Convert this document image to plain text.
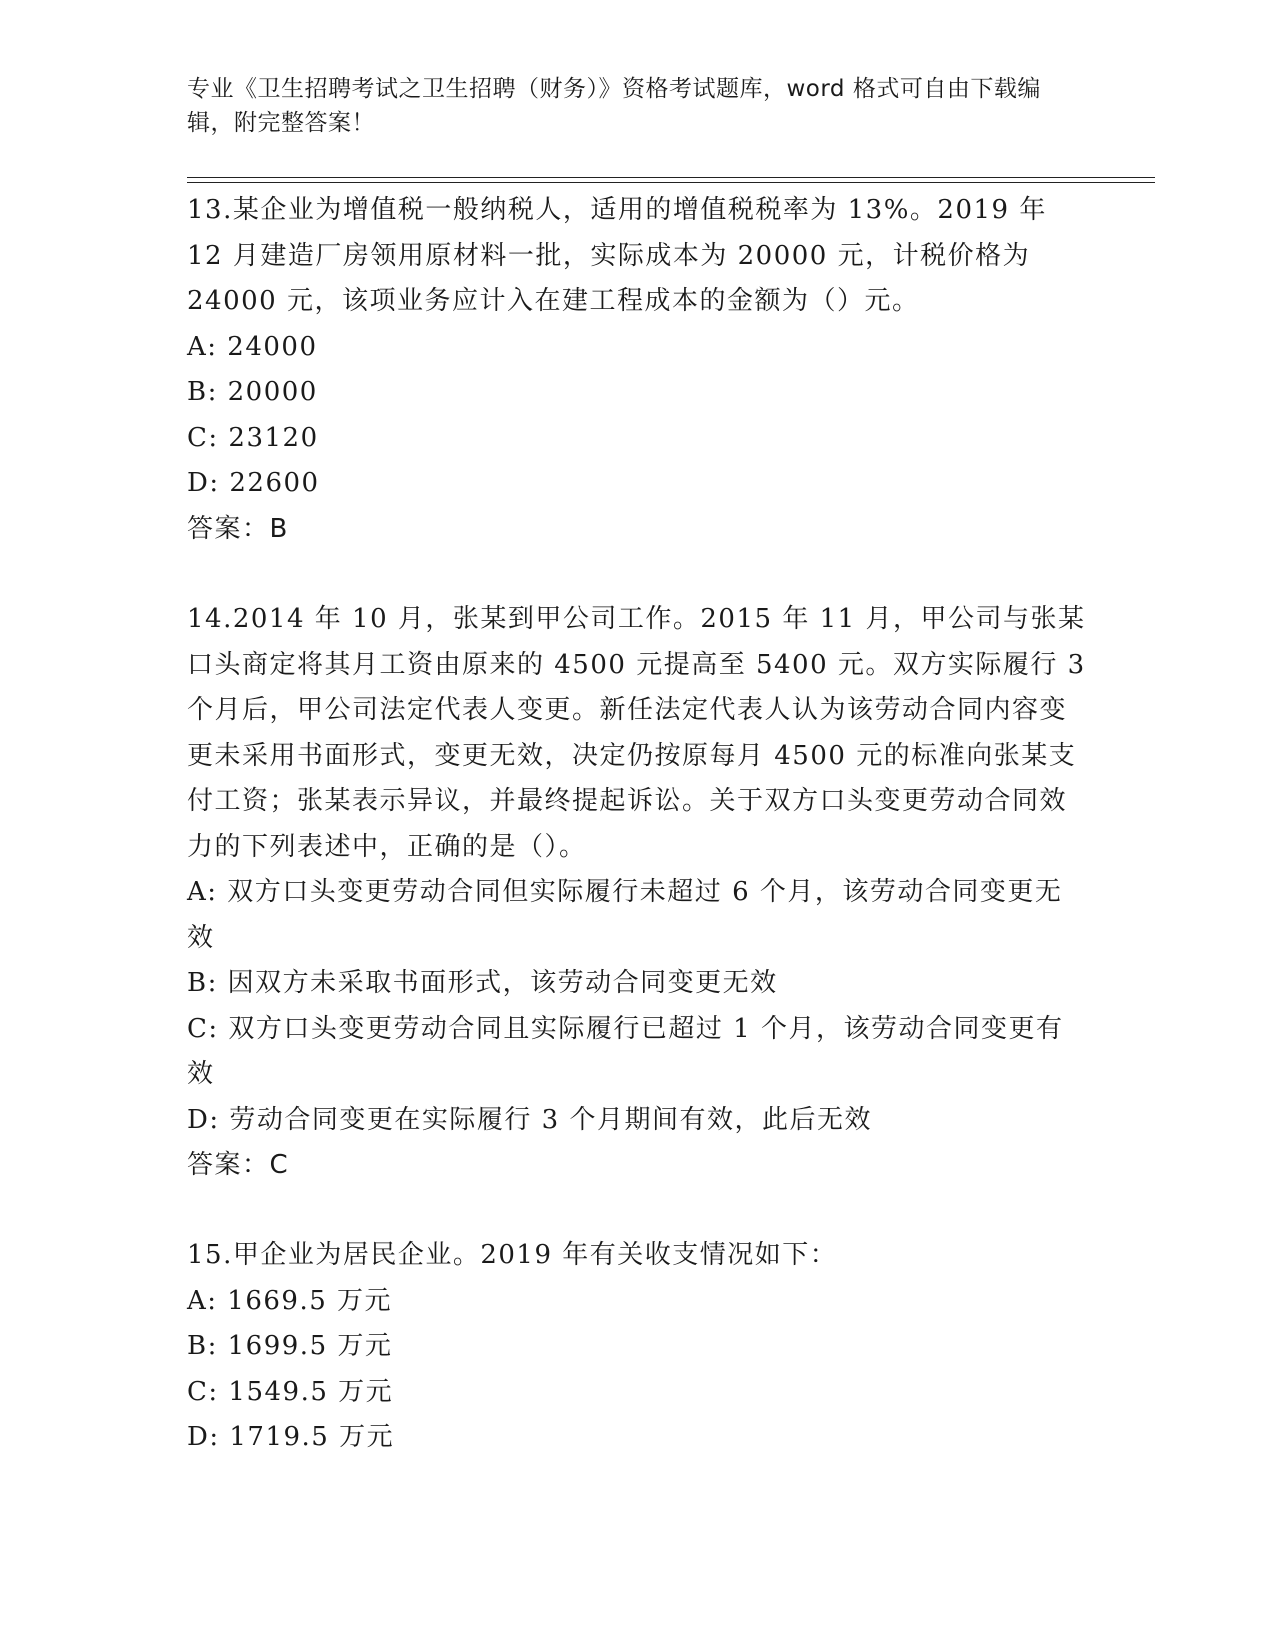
专业《卫生招聘考试之卫生招聘（财务）》资格考试题库，word 格式可自由下载编辑，附完整答案！

13.某企业为增值税一般纳税人，适用的增值税税率为 13%。2019 年 12 月建造厂房领用原材料一批，实际成本为 20000 元，计税价格为 24000 元，该项业务应计入在建工程成本的金额为（）元。

A: 24000

B: 20000

C: 23120

D: 22600

答案：B

14.2014 年 10 月，张某到甲公司工作。2015 年 11 月，甲公司与张某口头商定将其月工资由原来的 4500 元提高至 5400 元。双方实际履行 3 个月后，甲公司法定代表人变更。新任法定代表人认为该劳动合同内容变更未采用书面形式，变更无效，决定仍按原每月 4500 元的标准向张某支付工资；张某表示异议，并最终提起诉讼。关于双方口头变更劳动合同效力的下列表述中，正确的是（）。

A: 双方口头变更劳动合同但实际履行未超过 6 个月，该劳动合同变更无效

B: 因双方未采取书面形式，该劳动合同变更无效

C: 双方口头变更劳动合同且实际履行已超过 1 个月，该劳动合同变更有效

D: 劳动合同变更在实际履行 3 个月期间有效，此后无效

答案：C

15.甲企业为居民企业。2019 年有关收支情况如下：

A: 1669.5 万元

B: 1699.5 万元

C: 1549.5 万元

D: 1719.5 万元
